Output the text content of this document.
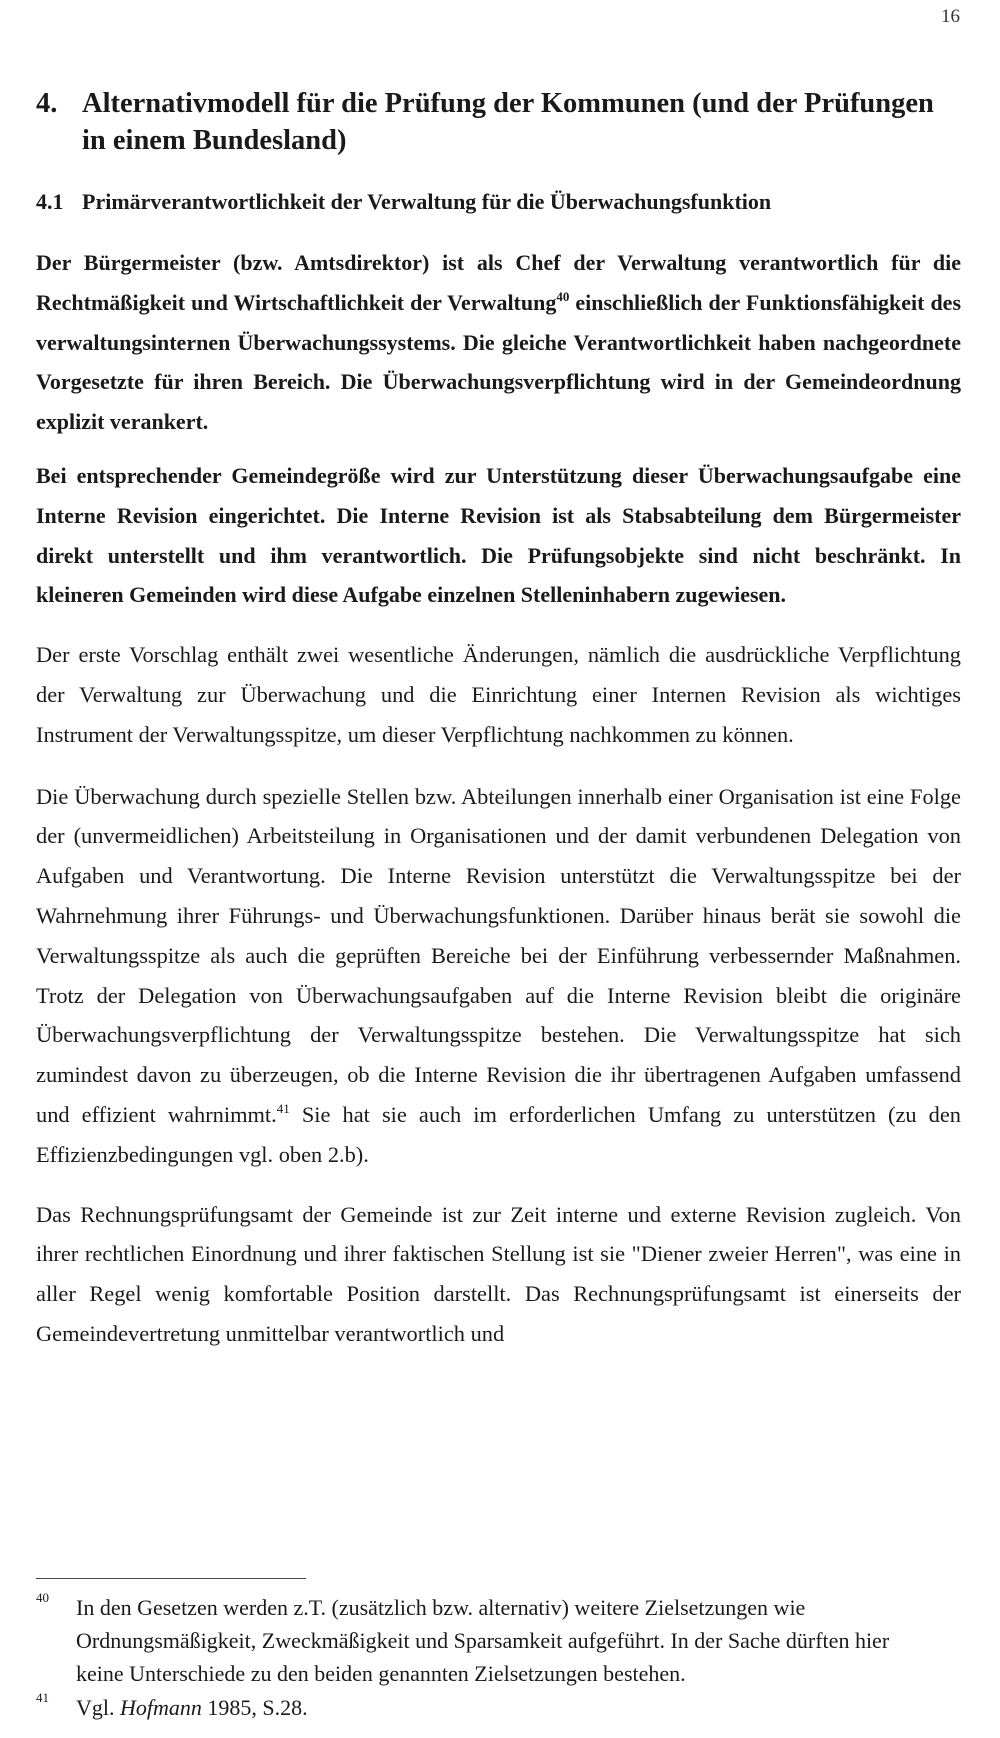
16
4. Alternativmodell für die Prüfung der Kommunen (und der Prüfungen in einem Bundesland)
4.1 Primärverantwortlichkeit der Verwaltung für die Überwachungsfunktion

Der Bürgermeister (bzw. Amtsdirektor) ist als Chef der Verwaltung verantwortlich für die Rechtmäßigkeit und Wirtschaftlichkeit der Verwaltung$^{40}$ einschließlich der Funktionsfähigkeit des verwaltungsinternen Überwachungssystems. Die gleiche Verantwortlichkeit haben nachgeordnete Vorgesetzte für ihren Bereich. Die Überwachungsverpflichtung wird in der Gemeindeordnung explizit verankert.

Bei entsprechender Gemeindegröße wird zur Unterstützung dieser Überwachungsaufgabe eine Interne Revision eingerichtet. Die Interne Revision ist als Stabsabteilung dem Bürgermeister direkt unterstellt und ihm verantwortlich. Die Prüfungsobjekte sind nicht beschränkt. In kleineren Gemeinden wird diese Aufgabe einzelnen Stelleninhabern zugewiesen.

Der erste Vorschlag enthält zwei wesentliche Änderungen, nämlich die ausdrückliche Verpflichtung der Verwaltung zur Überwachung und die Einrichtung einer Internen Revision als wichtiges Instrument der Verwaltungsspitze, um dieser Verpflichtung nachkommen zu können.

Die Überwachung durch spezielle Stellen bzw. Abteilungen innerhalb einer Organisation ist eine Folge der (unvermeidlichen) Arbeitsteilung in Organisationen und der damit verbundenen Delegation von Aufgaben und Verantwortung. Die Interne Revision unterstützt die Verwaltungsspitze bei der Wahrnehmung ihrer Führungs- und Überwachungsfunktionen. Darüber hinaus berät sie sowohl die Verwaltungsspitze als auch die geprüften Bereiche bei der Einführung verbessernder Maßnahmen. Trotz der Delegation von Überwachungsaufgaben auf die Interne Revision bleibt die originäre Überwachungsverpflichtung der Verwaltungsspitze bestehen. Die Verwaltungsspitze hat sich zumindest davon zu überzeugen, ob die Interne Revision die ihr übertragenen Aufgaben umfassend und effizient wahrnimmt.$^{41}$ Sie hat sie auch im erforderlichen Umfang zu unterstützen (zu den Effizienzbedingungen vgl. oben 2.b).

Das Rechnungsprüfungsamt der Gemeinde ist zur Zeit interne und externe Revision zugleich. Von ihrer rechtlichen Einordnung und ihrer faktischen Stellung ist sie "Diener zweier Herren", was eine in aller Regel wenig komfortable Position darstellt. Das Rechnungsprüfungsamt ist einerseits der Gemeindevertretung unmittelbar verantwortlich und

40	In den Gesetzen werden z.T. (zusätzlich bzw. alternativ) weitere Zielsetzungen wie Ordnungsmäßigkeit, Zweckmäßigkeit und Sparsamkeit aufgeführt. In der Sache dürften hier keine Unterschiede zu den beiden genannten Zielsetzungen bestehen.
41	Vgl. Hofmann 1985, S.28.
